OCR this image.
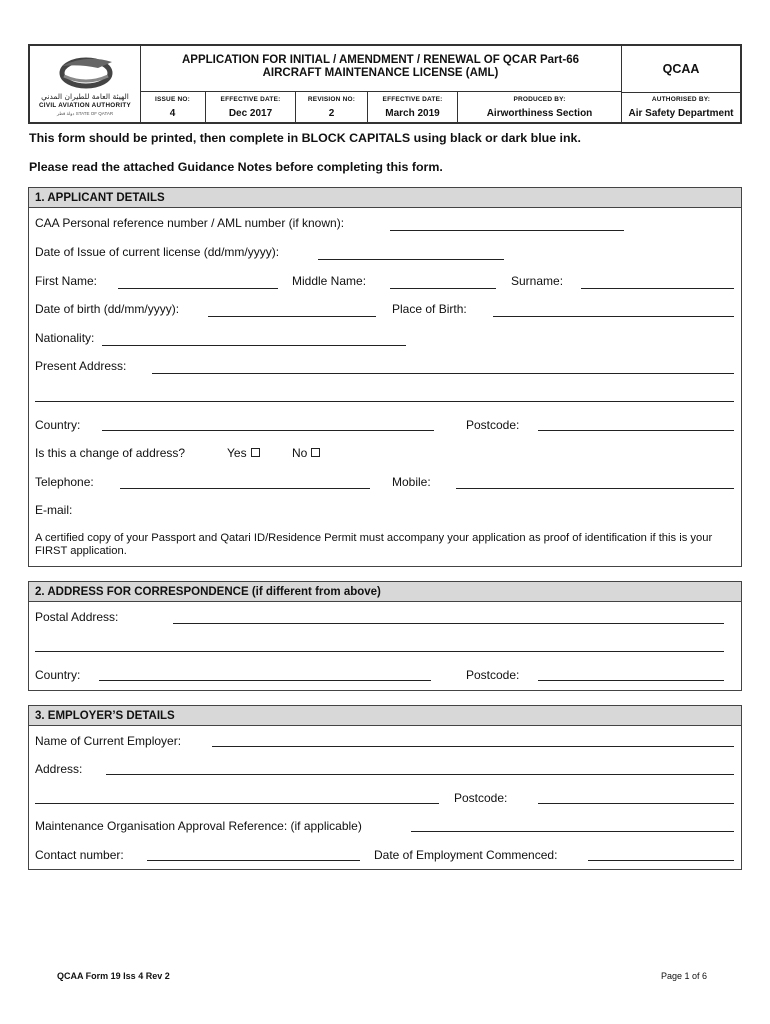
الهيئة العامة للطيران المدني
CIVIL AVIATION AUTHORITY
دولة قطر STATE OF QATAR
APPLICATION FOR INITIAL / AMENDMENT / RENEWAL OF QCAR Part-66
AIRCRAFT MAINTENANCE LICENSE (AML)	QCAA
ISSUE NO:
4
EFFECTIVE DATE:
Dec 2017
REVISION NO:
2
EFFECTIVE DATE:
March 2019
PRODUCED BY:
Airworthiness Section
AUTHORISED BY:
Air Safety Department
This form should be printed, then complete in BLOCK CAPITALS using black or dark blue ink.
Please read the attached Guidance Notes before completing this form.
1. APPLICANT DETAILS
CAA Personal reference number / AML number (if known):
Date of Issue of current license (dd/mm/yyyy):
First Name:	Middle Name:	Surname:
Date of birth (dd/mm/yyyy):	Place of Birth:
Nationality:
Present Address:
Country:	Postcode:
Is this a change of address?	Yes	No
Telephone:	Mobile:
E-mail:
A certified copy of your Passport and Qatari ID/Residence Permit must accompany your application as proof of identification if this is your FIRST application.
2. ADDRESS FOR CORRESPONDENCE (if different from above)
Postal Address:
Country:	Postcode:
3. EMPLOYER’S DETAILS
Name of Current Employer:
Address:
Postcode:
Maintenance Organisation Approval Reference: (if applicable)
Contact number:	Date of Employment Commenced:
QCAA Form 19 Iss 4 Rev 2	Page 1 of 6
